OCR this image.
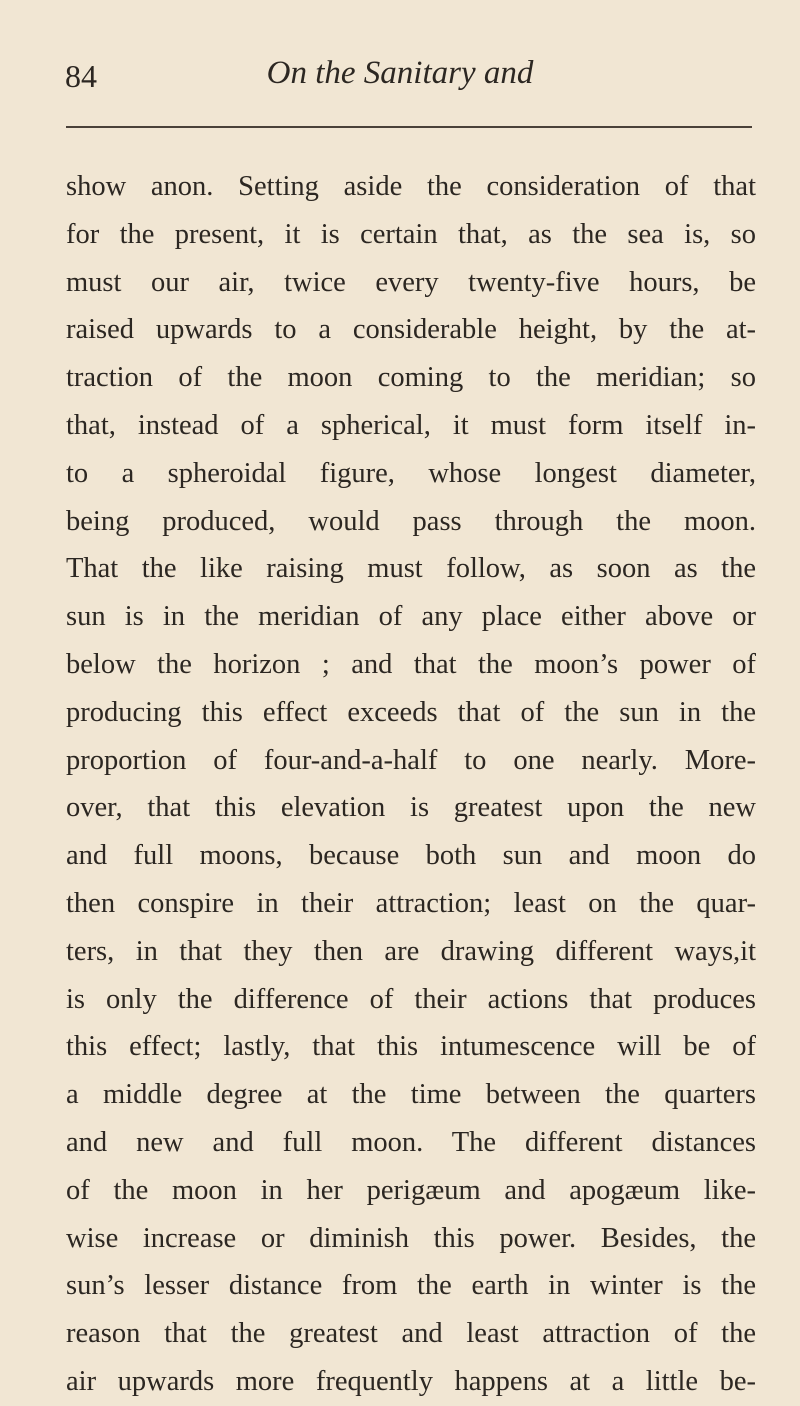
84	On the Sanitary and
show anon. Setting aside the consideration of that
for the present, it is certain that, as the sea is, so
must our air, twice every twenty-five hours, be
raised upwards to a considerable height, by the at-
traction of the moon coming to the meridian; so
that, instead of a spherical, it must form itself in-
to a spheroidal figure, whose longest diameter,
being produced, would pass through the moon.
That the like raising must follow, as soon as the
sun is in the meridian of any place either above or
below the horizon ; and that the moon’s power of
producing this effect exceeds that of the sun in the
proportion of four-and-a-half to one nearly. More-
over, that this elevation is greatest upon the new
and full moons, because both sun and moon do
then conspire in their attraction; least on the quar-
ters, in that they then are drawing different ways,it
is only the difference of their actions that produces
this effect; lastly, that this intumescence will be of
a middle degree at the time between the quarters
and new and full moon. The different distances
of the moon in her perigæum and apogæum like-
wise increase or diminish this power. Besides, the
sun’s lesser distance from the earth in winter is the
reason that the greatest and least attraction of the
air upwards more frequently happens at a little be-
